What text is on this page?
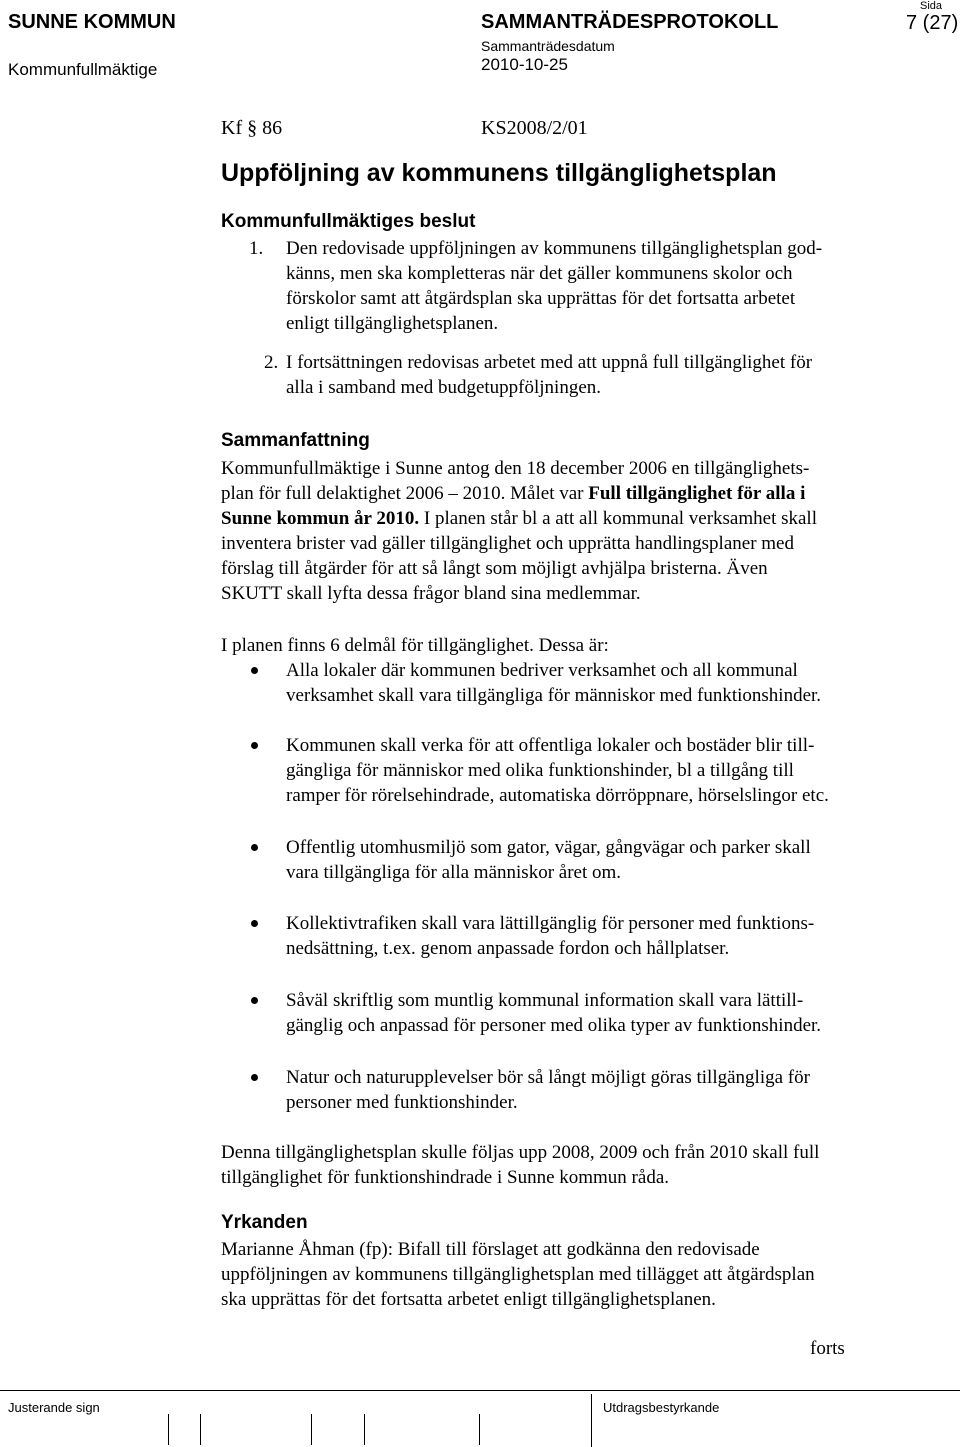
SUNNE KOMMUN
Kommunfullmäktige
SAMMANTRÄDESPROTOKOLL
Sammanträdesdatum
2010-10-25
Sida
7 (27)
Kf § 86	KS2008/2/01
Uppföljning av kommunens tillgänglighetsplan
Kommunfullmäktiges beslut
1. Den redovisade uppföljningen av kommunens tillgänglighetsplan god-
känns, men ska kompletteras när det gäller kommunens skolor och
förskolor samt att åtgärdsplan ska upprättas för det fortsatta arbetet
enligt tillgänglighetsplanen.
2. I fortsättningen redovisas arbetet med att uppnå full tillgänglighet för
alla i samband med budgetuppföljningen.
Sammanfattning
Kommunfullmäktige i Sunne antog den 18 december 2006 en tillgänglighets-
plan för full delaktighet 2006 – 2010. Målet var Full tillgänglighet för alla i
Sunne kommun år 2010. I planen står bl a att all kommunal verksamhet skall
inventera brister vad gäller tillgänglighet och upprätta handlingsplaner med
förslag till åtgärder för att så långt som möjligt avhjälpa bristerna. Även
SKUTT skall lyfta dessa frågor bland sina medlemmar.
I planen finns 6 delmål för tillgänglighet. Dessa är:
Alla lokaler där kommunen bedriver verksamhet och all kommunal
verksamhet skall vara tillgängliga för människor med funktionshinder.
Kommunen skall verka för att offentliga lokaler och bostäder blir till-
gängliga för människor med olika funktionshinder, bl a tillgång till
ramper för rörelsehindrade, automatiska dörröppnare, hörselslingor etc.
Offentlig utomhusmiljö som gator, vägar, gångvägar och parker skall
vara tillgängliga för alla människor året om.
Kollektivtrafiken skall vara lättillgänglig för personer med funktions-
nedsättning, t.ex. genom anpassade fordon och hållplatser.
Såväl skriftlig som muntlig kommunal information skall vara lättill-
gänglig och anpassad för personer med olika typer av funktionshinder.
Natur och naturupplevelser bör så långt möjligt göras tillgängliga för
personer med funktionshinder.
Denna tillgänglighetsplan skulle följas upp 2008, 2009 och från 2010 skall full
tillgänglighet för funktionshindrade i Sunne kommun råda.
Yrkanden
Marianne Åhman (fp): Bifall till förslaget att godkänna den redovisade
uppföljningen av kommunens tillgänglighetsplan med tillägget att åtgärdsplan
ska upprättas för det fortsatta arbetet enligt tillgänglighetsplanen.
forts
Justerande sign	Utdragsbestyrkande
